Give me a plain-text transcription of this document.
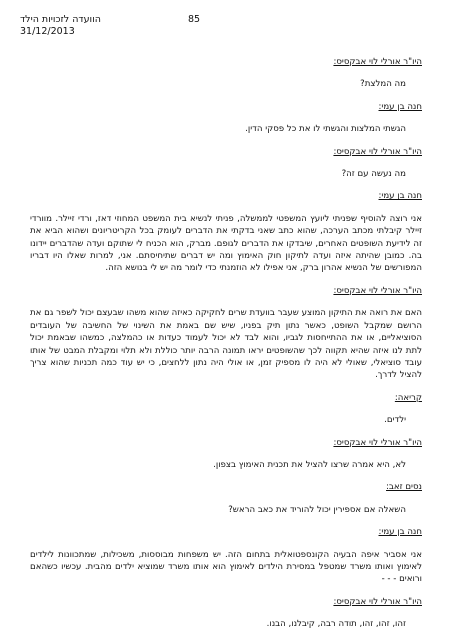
הוועדה לזכויות הילד	85
31/12/2013
היו"ר אורלי לוי אבקסיס:
מה המלצת?
חנה בן עמי:
הגשתי המלצות והגשתי לו את כל פסקי הדין.
היו"ר אורלי לוי אבקסיס:
מה נעשה עם זה?
חנה בן עמי:
אני רוצה להוסיף שפניתי ליועץ המשפטי לממשלה, פניתי לנשיא בית המשפט המחוזי דאז, ורדי זיילר. מוורדי זיילר קיבלתי מכתב הערכה, שהוא כתב שאני בדקתי את הדברים לעומק בכל הקריטריונים ושהוא הביא את זה לידיעת השופטים האחרים, שיבדקו את הדברים לגופם. מברק, הוא הכניח לי שתוקם ועדה שהדברים יידונו בה. כמובן שהיתה איזה ועדה לתיקון חוק האימוץ ומה יש דברים שתיחיסתם. אני, למרות שאלו היו דבריו המפורשים של הנשיא אהרון ברק, אני אפילו לא הוזמנתי כדי לומר מה יש לי בנושא הזה.
היו"ר אורלי לוי אבקסיס:
האם את רואה את התיקון המוצע שעבר בוועדת שרים לחקיקה כאיזה שהוא משהו שבעצם יכול לשפר גם את הרושם שמקבל השופט, כאשר נתון תיק בפניו, שיש שם באמת את השינוי של החשיבה של העובדים הסוציאליים, או את ההתייחסות לגביו, והוא לבד לא יכול לעמוד כעדות או כהמלצה, כמשהו שבאמת יכול לתת לנו איזה שהיא תקווה לכך שהשופטים יראו תמונה הרבה יותר כוללת ולא תלוי ומקבלת המבט של אותו עובד סוציאלי, שאולי לא היה לו מספיק זמן, או אולי היה נתון ללחצים, כי יש עוד כמה תכניות שהוא צריך להציל לדרך.
קריאה:
ילדים.
היו"ר אורלי לוי אבקסיס:
לא, היא אמרה שרצו להציל את תכנית האימוץ בצפון.
נסים זאב:
השאלה אם אספירין יכול להוריד את כאב הראש?
חנה בן עמי:
אני אסביר איפה הבעיה הקונספטואלית בתחום הזה. יש משפחות מבוססות, משכילות, שמתכוונות לילדים לאימוץ ואותו משרד שמטפל במסירת הילדים לאימוץ הוא אותו משרד שמוציא ילדים מהבית. עכשיו כשהאם ורואים - - -
היו"ר אורלי לוי אבקסיס:
זהו, זהו, זהו, תודה רבה, קיבלנו, הבנו.
